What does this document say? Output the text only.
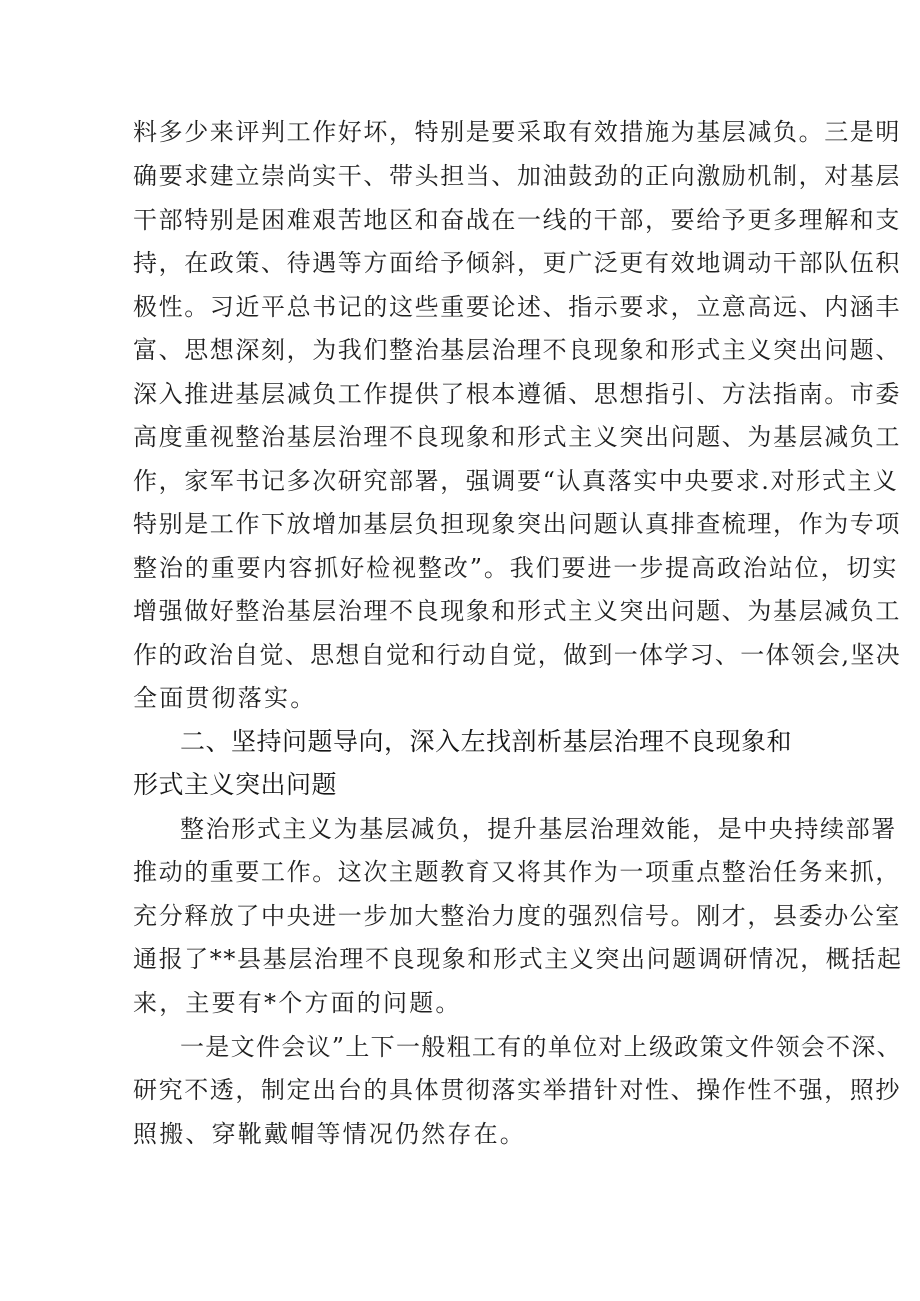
料多少来评判工作好坏，特别是要采取有效措施为基层减负。三是明
确要求建立崇尚实干、带头担当、加油鼓劲的正向激励机制，对基层
干部特别是困难艰苦地区和奋战在一线的干部，要给予更多理解和支
持，在政策、待遇等方面给予倾斜，更广泛更有效地调动干部队伍积
极性。习近平总书记的这些重要论述、指示要求，立意高远、内涵丰
富、思想深刻，为我们整治基层治理不良现象和形式主义突出问题、
深入推进基层减负工作提供了根本遵循、思想指引、方法指南。市委
高度重视整治基层治理不良现象和形式主义突出问题、为基层减负工
作，家军书记多次研究部署，强调要“认真落实中央要求.对形式主义
特别是工作下放增加基层负担现象突出问题认真排查梳理，作为专项
整治的重要内容抓好检视整改”。我们要进一步提高政治站位，切实
增强做好整治基层治理不良现象和形式主义突出问题、为基层减负工
作的政治自觉、思想自觉和行动自觉，做到一体学习、一体领会,坚决
全面贯彻落实。
二、坚持问题导向，深入左找剖析基层治理不良现象和
形式主义突出问题
整治形式主义为基层减负，提升基层治理效能，是中央持续部署
推动的重要工作。这次主题教育又将其作为一项重点整治任务来抓，
充分释放了中央进一步加大整治力度的强烈信号。刚才，县委办公室
通报了**县基层治理不良现象和形式主义突出问题调研情况，概括起
来，主要有*个方面的问题。
一是文件会议”上下一般粗工有的单位对上级政策文件领会不深、
研究不透，制定出台的具体贯彻落实举措针对性、操作性不强，照抄
照搬、穿靴戴帽等情况仍然存在。
